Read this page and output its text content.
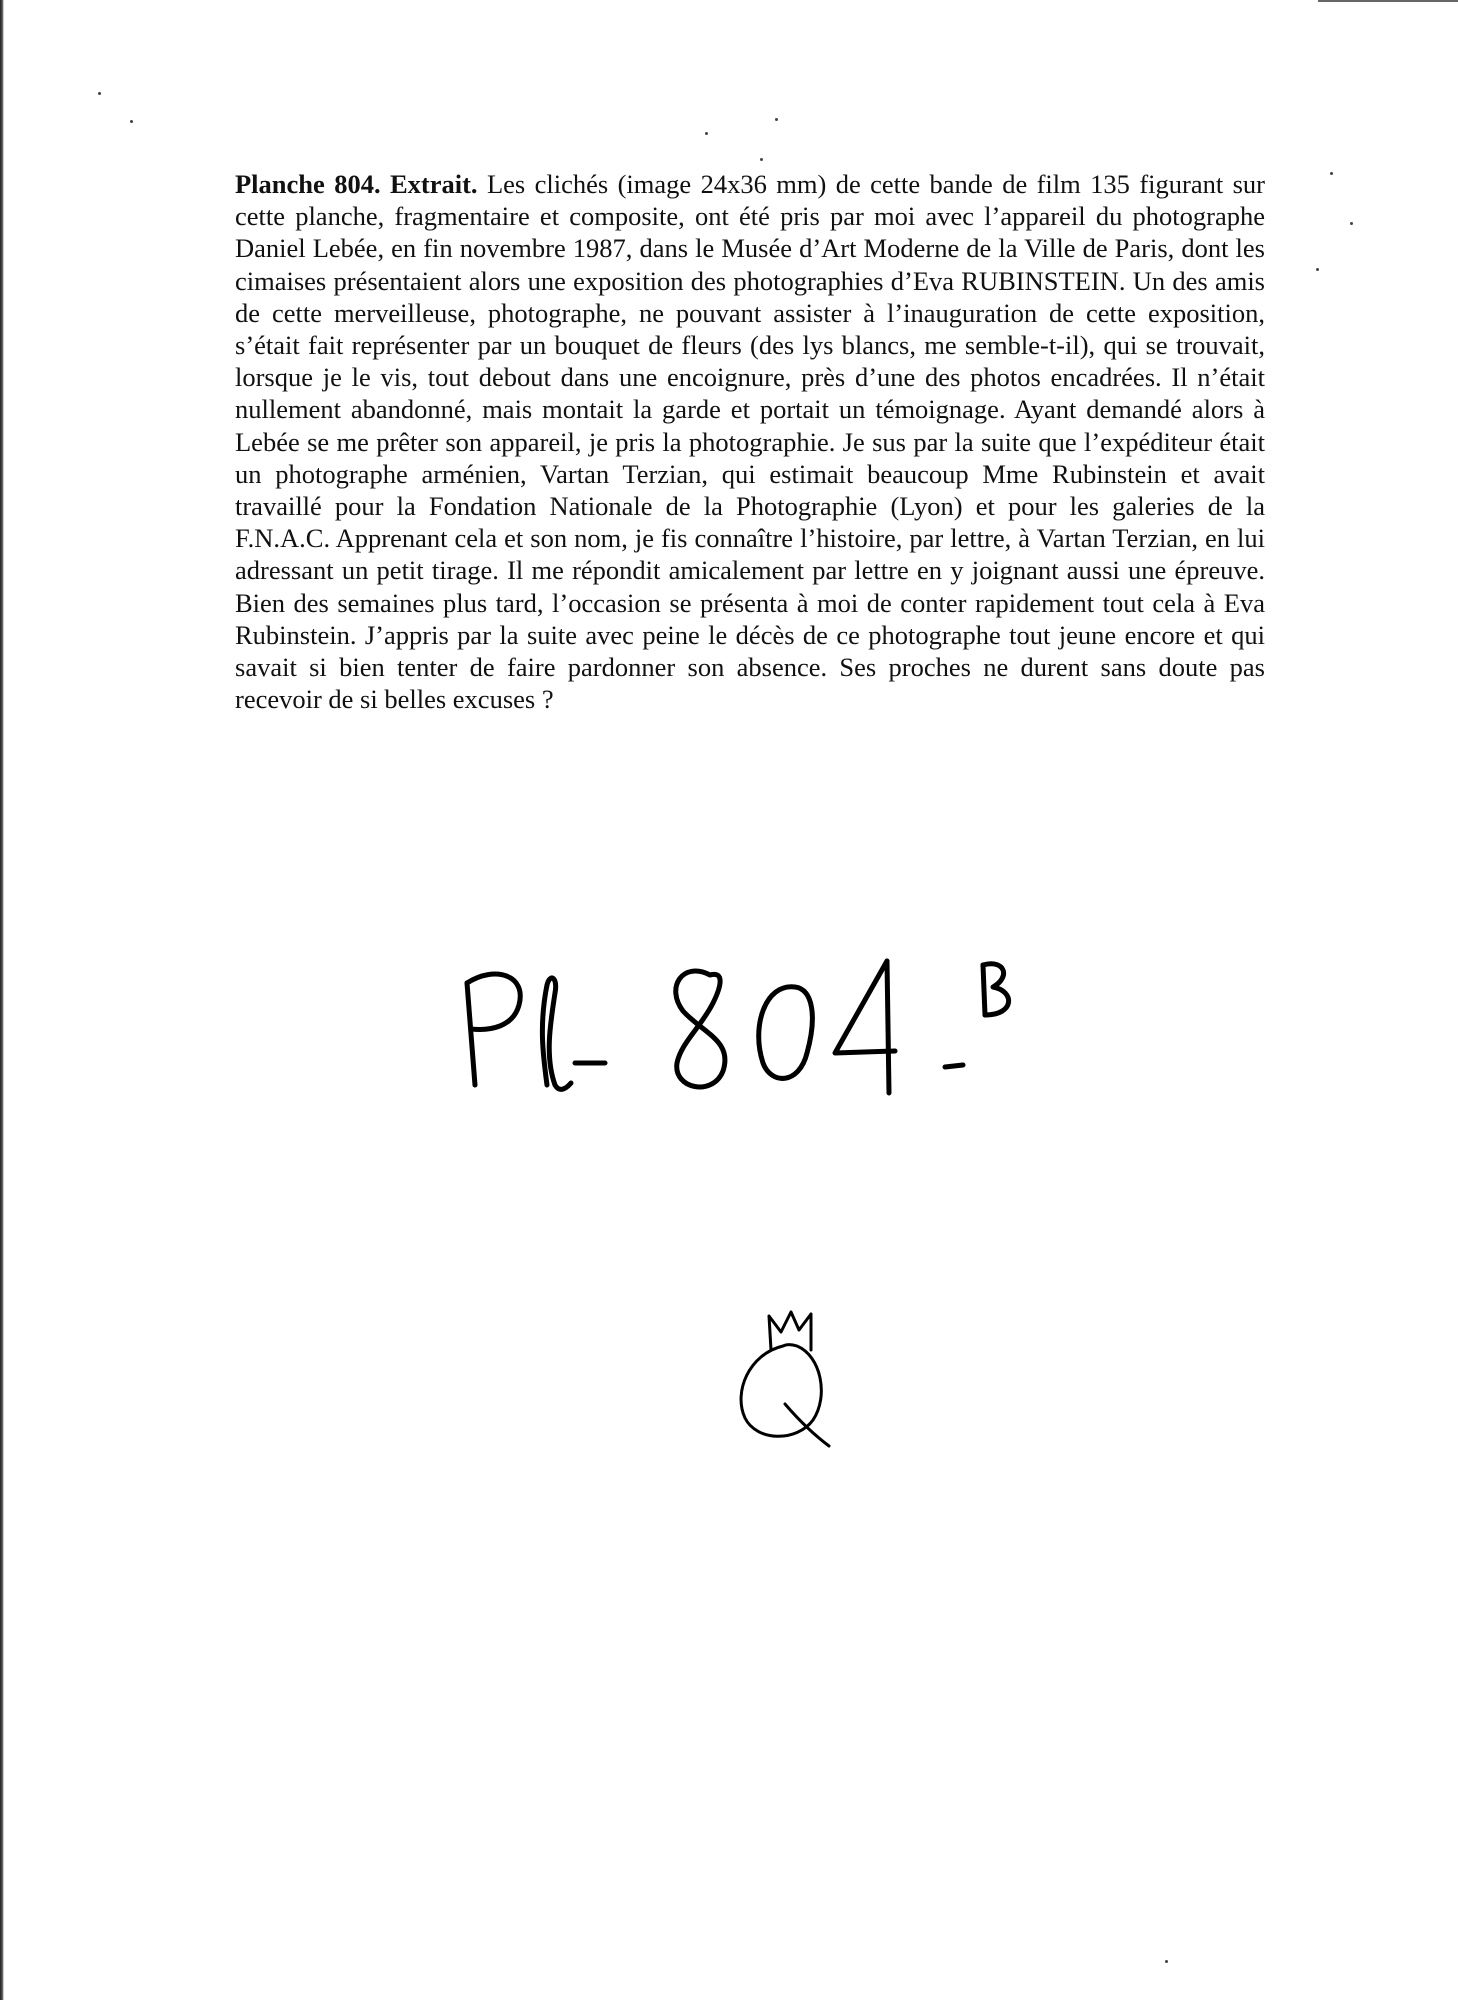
Planche 804. Extrait. Les clichés (image 24x36 mm) de cette bande de film 135 figurant sur cette planche, fragmentaire et composite, ont été pris par moi avec l’appareil du photographe Daniel Lebée, en fin novembre 1987, dans le Musée d’Art Moderne de la Ville de Paris, dont les cimaises présentaient alors une exposition des photographies d’Eva RUBINSTEIN. Un des amis de cette merveilleuse, photographe, ne pouvant assister à l’inauguration de cette exposition, s’était fait représenter par un bouquet de fleurs (des lys blancs, me semble-t-il), qui se trouvait, lorsque je le vis, tout debout dans une encoignure, près d’une des photos encadrées. Il n’était nullement abandonné, mais montait la garde et portait un témoignage. Ayant demandé alors à Lebée se me prêter son appareil, je pris la photographie. Je sus par la suite que l’expéditeur était un photographe arménien, Vartan Terzian, qui estimait beaucoup Mme Rubinstein et avait travaillé pour la Fondation Nationale de la Photographie (Lyon) et pour les galeries de la F.N.A.C. Apprenant cela et son nom, je fis connaître l’histoire, par lettre, à Vartan Terzian, en lui adressant un petit tirage. Il me répondit amicalement par lettre en y joignant aussi une épreuve. Bien des semaines plus tard, l’occasion se présenta à moi de conter rapidement tout cela à Eva Rubinstein. J’appris par la suite avec peine le décès de ce photographe tout jeune encore et qui savait si bien tenter de faire pardonner son absence. Ses proches ne durent sans doute pas recevoir de si belles excuses ?
